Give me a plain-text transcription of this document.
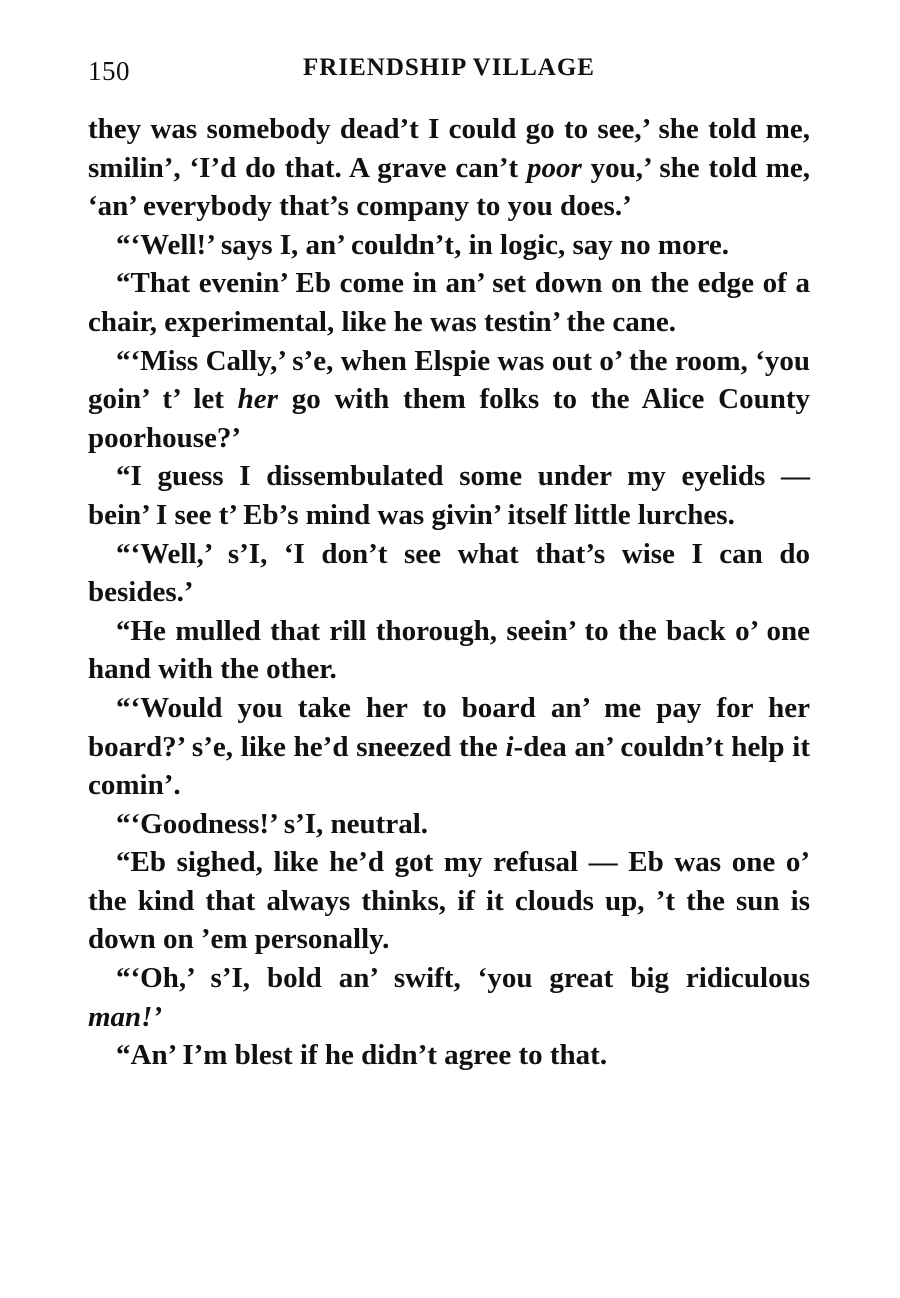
150	FRIENDSHIP VILLAGE

they was somebody dead’t I could go to see,’ she told me, smilin’, ‘I’d do that. A grave can’t poor you,’ she told me, ‘an’ everybody that’s company to you does.’

“‘Well!’ says I, an’ couldn’t, in logic, say no more.

“That evenin’ Eb come in an’ set down on the edge of a chair, experimental, like he was testin’ the cane.

“‘Miss Cally,’ s’e, when Elspie was out o’ the room, ‘you goin’ t’ let her go with them folks to the Alice County poorhouse?’

“I guess I dissembulated some under my eyelids — bein’ I see t’ Eb’s mind was givin’ itself little lurches.

“‘Well,’ s’I, ‘I don’t see what that’s wise I can do besides.’

“He mulled that rill thorough, seein’ to the back o’ one hand with the other.

“‘Would you take her to board an’ me pay for her board?’ s’e, like he’d sneezed the i-dea an’ couldn’t help it comin’.

“‘Goodness!’ s’I, neutral.

“Eb sighed, like he’d got my refusal — Eb was one o’ the kind that always thinks, if it clouds up, ’t the sun is down on ’em personally.

“‘Oh,’ s’I, bold an’ swift, ‘you great big ridiculous man!’

“An’ I’m blest if he didn’t agree to that.
